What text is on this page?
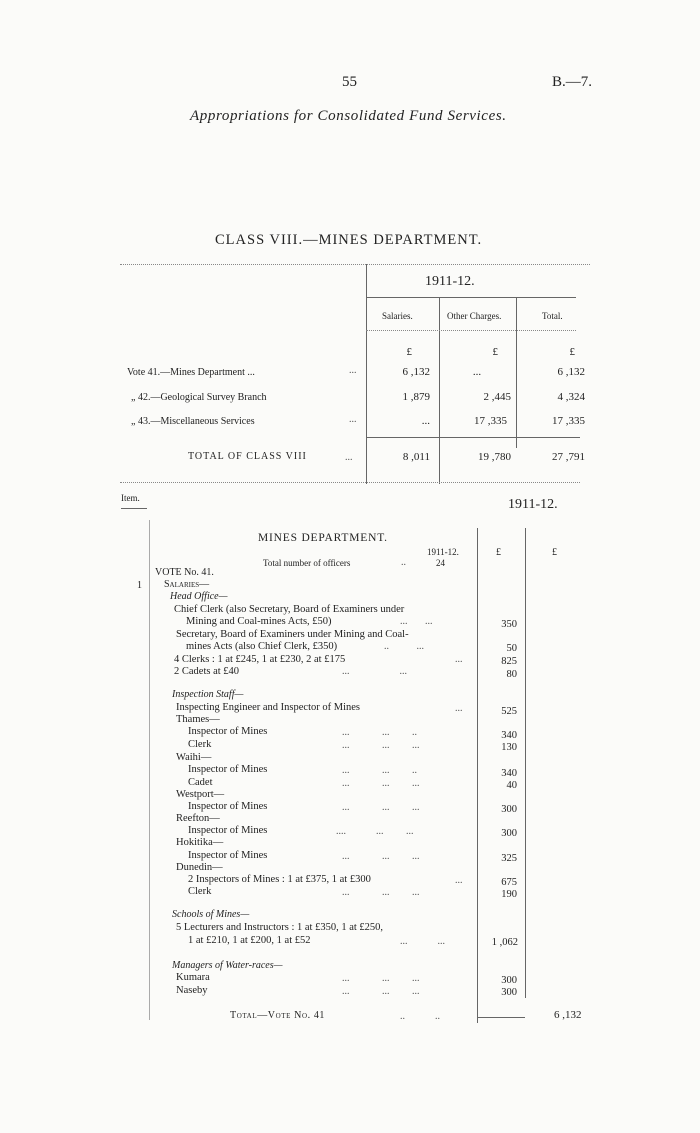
55	B.—7.
Appropriations for Consolidated Fund Services.
CLASS VIII.—MINES DEPARTMENT.
1911-12.
Salaries.	Other Charges.	Total.
£	£	£
Vote 41.—Mines Department ...	...	6 ,132	...	6 ,132
„ 42.—Geological Survey Branch	1 ,879	2 ,445	4 ,324
„ 43.—Miscellaneous Services	...	...	17 ,335	17 ,335
TOTAL OF CLASS VIII	...	8 ,011	19 ,780	27 ,791
Item.	1911-12.
MINES DEPARTMENT.
1911-12.	£	£
Total number of officers	..	24
VOTE No. 41.
1 Salaries—
Head Office—
Chief Clerk (also Secretary, Board of Examiners under
Mining and Coal-mines Acts, £50)	...       ...	350
Secretary, Board of Examiners under Mining and Coal-
mines Acts (also Chief Clerk, £350)	..           ...	50
4 Clerks : 1 at £245, 1 at £230, 2 at £175	...	825
2 Cadets at £40	...                    ...	80
Inspection Staff—
Inspecting Engineer and Inspector of Mines	...	525
Thames—
Inspector of Mines	...             ...         ..	340
Clerk	...             ...         ...	130
Waihi—
Inspector of Mines	...             ...         ..	340
Cadet	...             ...         ...	40
Westport—
Inspector of Mines	...             ...         ...	300
Reefton—
Inspector of Mines	....            ...         ...	300
Hokitika—
Inspector of Mines	...             ...         ...	325
Dunedin—
2 Inspectors of Mines : 1 at £375, 1 at £300	...	675
Clerk	...             ...         ...	190
Schools of Mines—
5 Lecturers and Instructors : 1 at £350, 1 at £250,
1 at £210, 1 at £200, 1 at £52	...            ...	1 ,062
Managers of Water-races—
Kumara	...             ...         ...	300
Naseby	...             ...         ...	300
Total—Vote No. 41	..            ..	6 ,132
